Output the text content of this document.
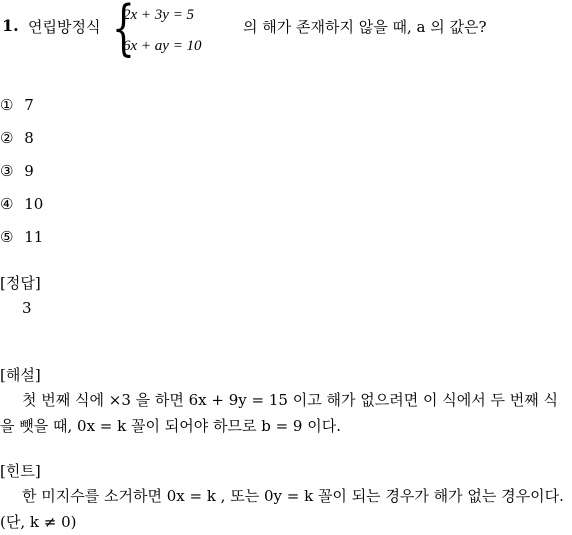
1. 연립방정식 {
2x + 3y = 5
6x + ay = 10
의 해가 존재하지 않을 때, a 의 값은?
① 7
② 8
③ 9
④ 10
⑤ 11
[정답]
3
[해설]
첫 번째 식에 ×3 을 하면 6x + 9y = 15 이고 해가 없으려면 이 식에서 두 번째 식을 뺏을 때, 0x = k 꼴이 되어야 하므로 b = 9 이다.
[힌트]
한 미지수를 소거하면 0x = k , 또는 0y = k 꼴이 되는 경우가 해가 없는 경우이다. (단, k ≠ 0)
